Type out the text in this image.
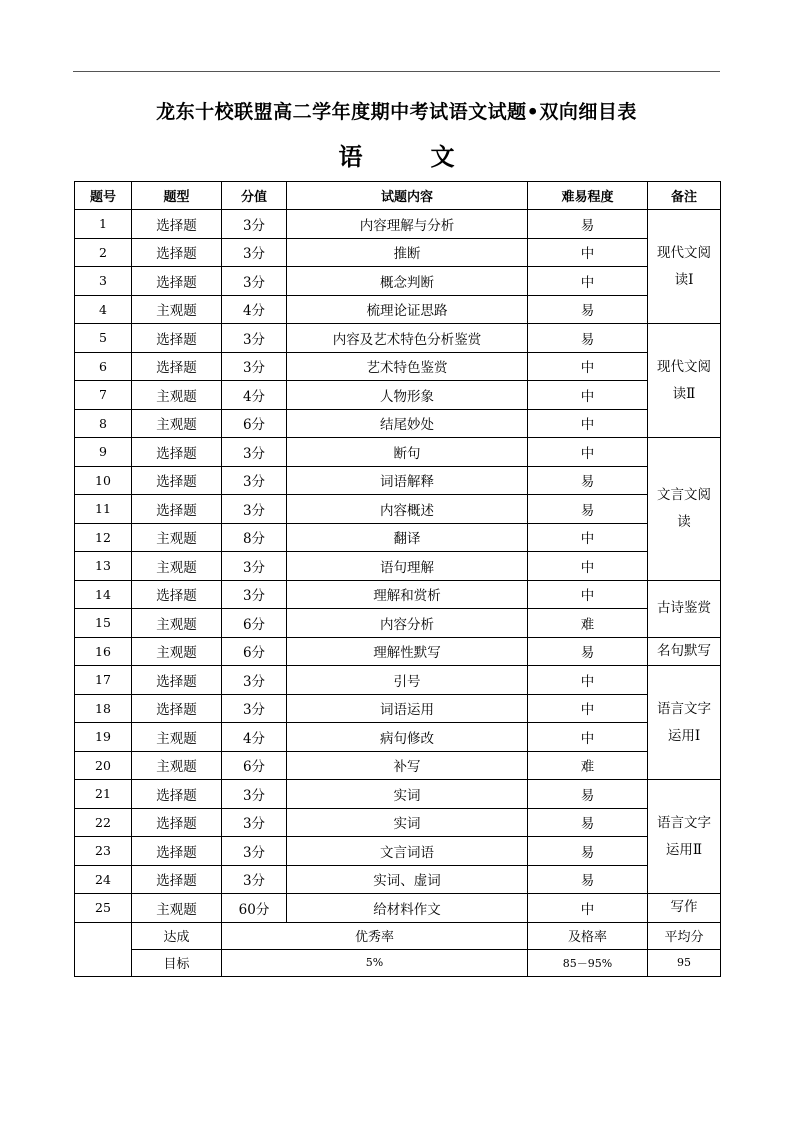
龙东十校联盟高二学年度期中考试语文试题•双向细目表
语　文
题号	题型	分值	试题内容	难易程度	备注
1	选择题	3分	内容理解与分析	易	现代文阅读Ⅰ
2	选择题	3分	推断	中	
3	选择题	3分	概念判断	中	
4	主观题	4分	梳理论证思路	易	
5	选择题	3分	内容及艺术特色分析鉴赏	易	现代文阅读Ⅱ
6	选择题	3分	艺术特色鉴赏	中	
7	主观题	4分	人物形象	中	
8	主观题	6分	结尾妙处	中	
9	选择题	3分	断句	中	文言文阅读
10	选择题	3分	词语解释	易	
11	选择题	3分	内容概述	易	
12	主观题	8分	翻译	中	
13	主观题	3分	语句理解	中	
14	选择题	3分	理解和赏析	中	古诗鉴赏
15	主观题	6分	内容分析	难	
16	主观题	6分	理解性默写	易	名句默写
17	选择题	3分	引号	中	语言文字运用Ⅰ
18	选择题	3分	词语运用	中	
19	主观题	4分	病句修改	中	
20	主观题	6分	补写	难	
21	选择题	3分	实词	易	语言文字运用Ⅱ
22	选择题	3分	实词	易	
23	选择题	3分	文言词语	易	
24	选择题	3分	实词、虚词	易	
25	主观题	60分	给材料作文	中	写作
	达成	优秀率		及格率	平均分
	目标	5%		85－95%	95
